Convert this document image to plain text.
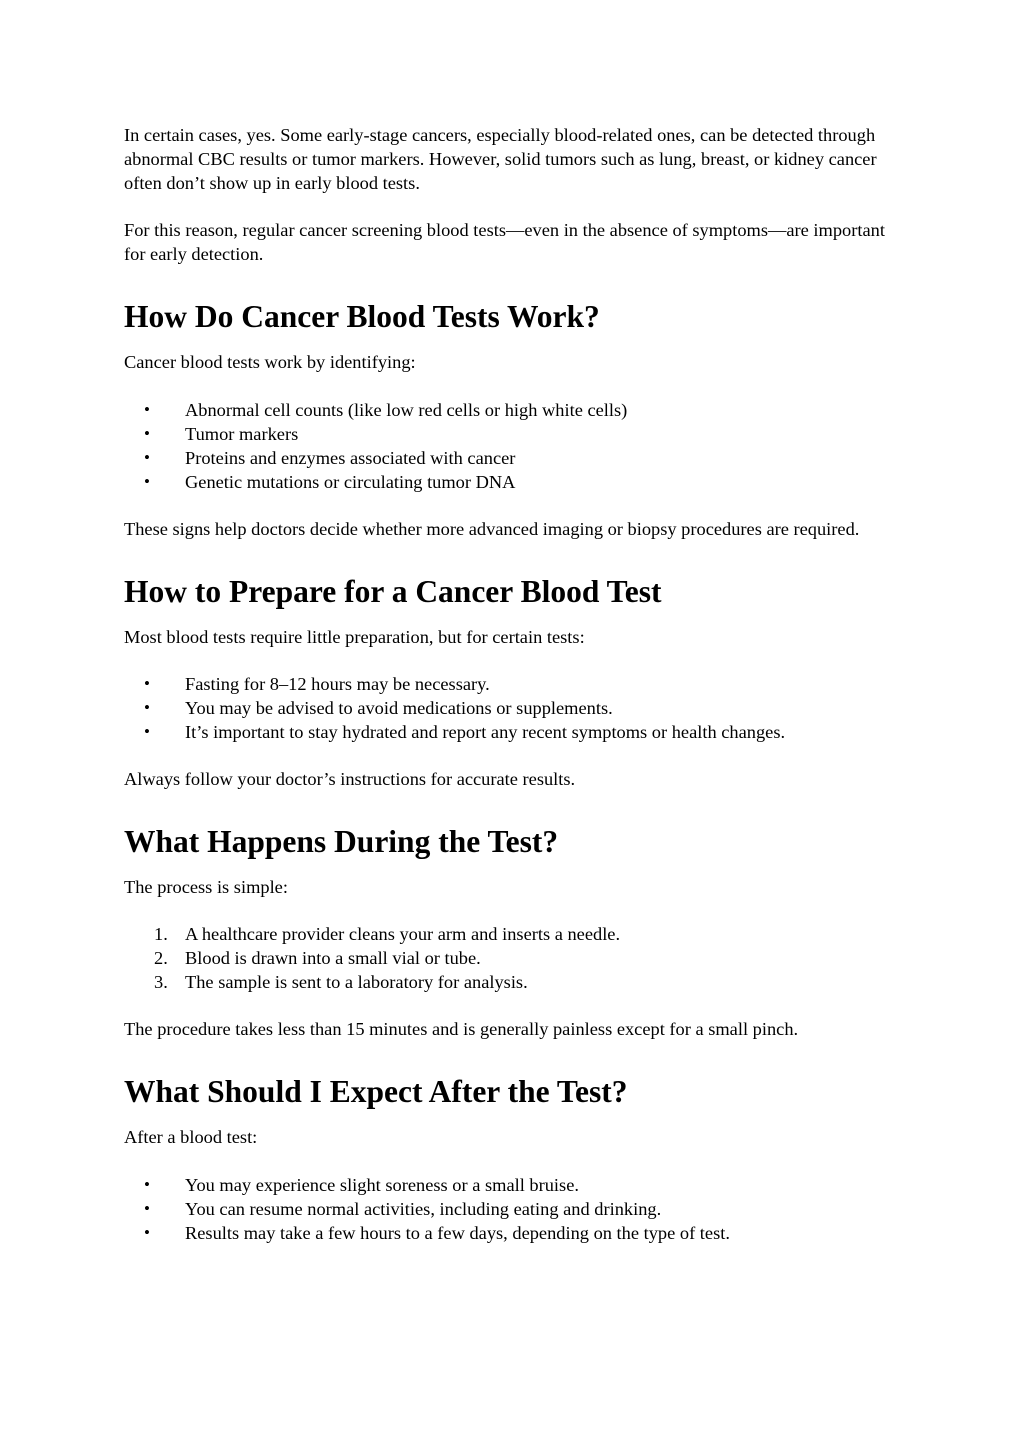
In certain cases, yes. Some early-stage cancers, especially blood-related ones, can be detected through abnormal CBC results or tumor markers. However, solid tumors such as lung, breast, or kidney cancer often don’t show up in early blood tests.

For this reason, regular cancer screening blood tests—even in the absence of symptoms—are important for early detection.

How Do Cancer Blood Tests Work?

Cancer blood tests work by identifying:

• Abnormal cell counts (like low red cells or high white cells)
• Tumor markers
• Proteins and enzymes associated with cancer
• Genetic mutations or circulating tumor DNA

These signs help doctors decide whether more advanced imaging or biopsy procedures are required.

How to Prepare for a Cancer Blood Test

Most blood tests require little preparation, but for certain tests:

• Fasting for 8–12 hours may be necessary.
• You may be advised to avoid medications or supplements.
• It’s important to stay hydrated and report any recent symptoms or health changes.

Always follow your doctor’s instructions for accurate results.

What Happens During the Test?

The process is simple:

1. A healthcare provider cleans your arm and inserts a needle.
2. Blood is drawn into a small vial or tube.
3. The sample is sent to a laboratory for analysis.

The procedure takes less than 15 minutes and is generally painless except for a small pinch.

What Should I Expect After the Test?

After a blood test:

• You may experience slight soreness or a small bruise.
• You can resume normal activities, including eating and drinking.
• Results may take a few hours to a few days, depending on the type of test.
